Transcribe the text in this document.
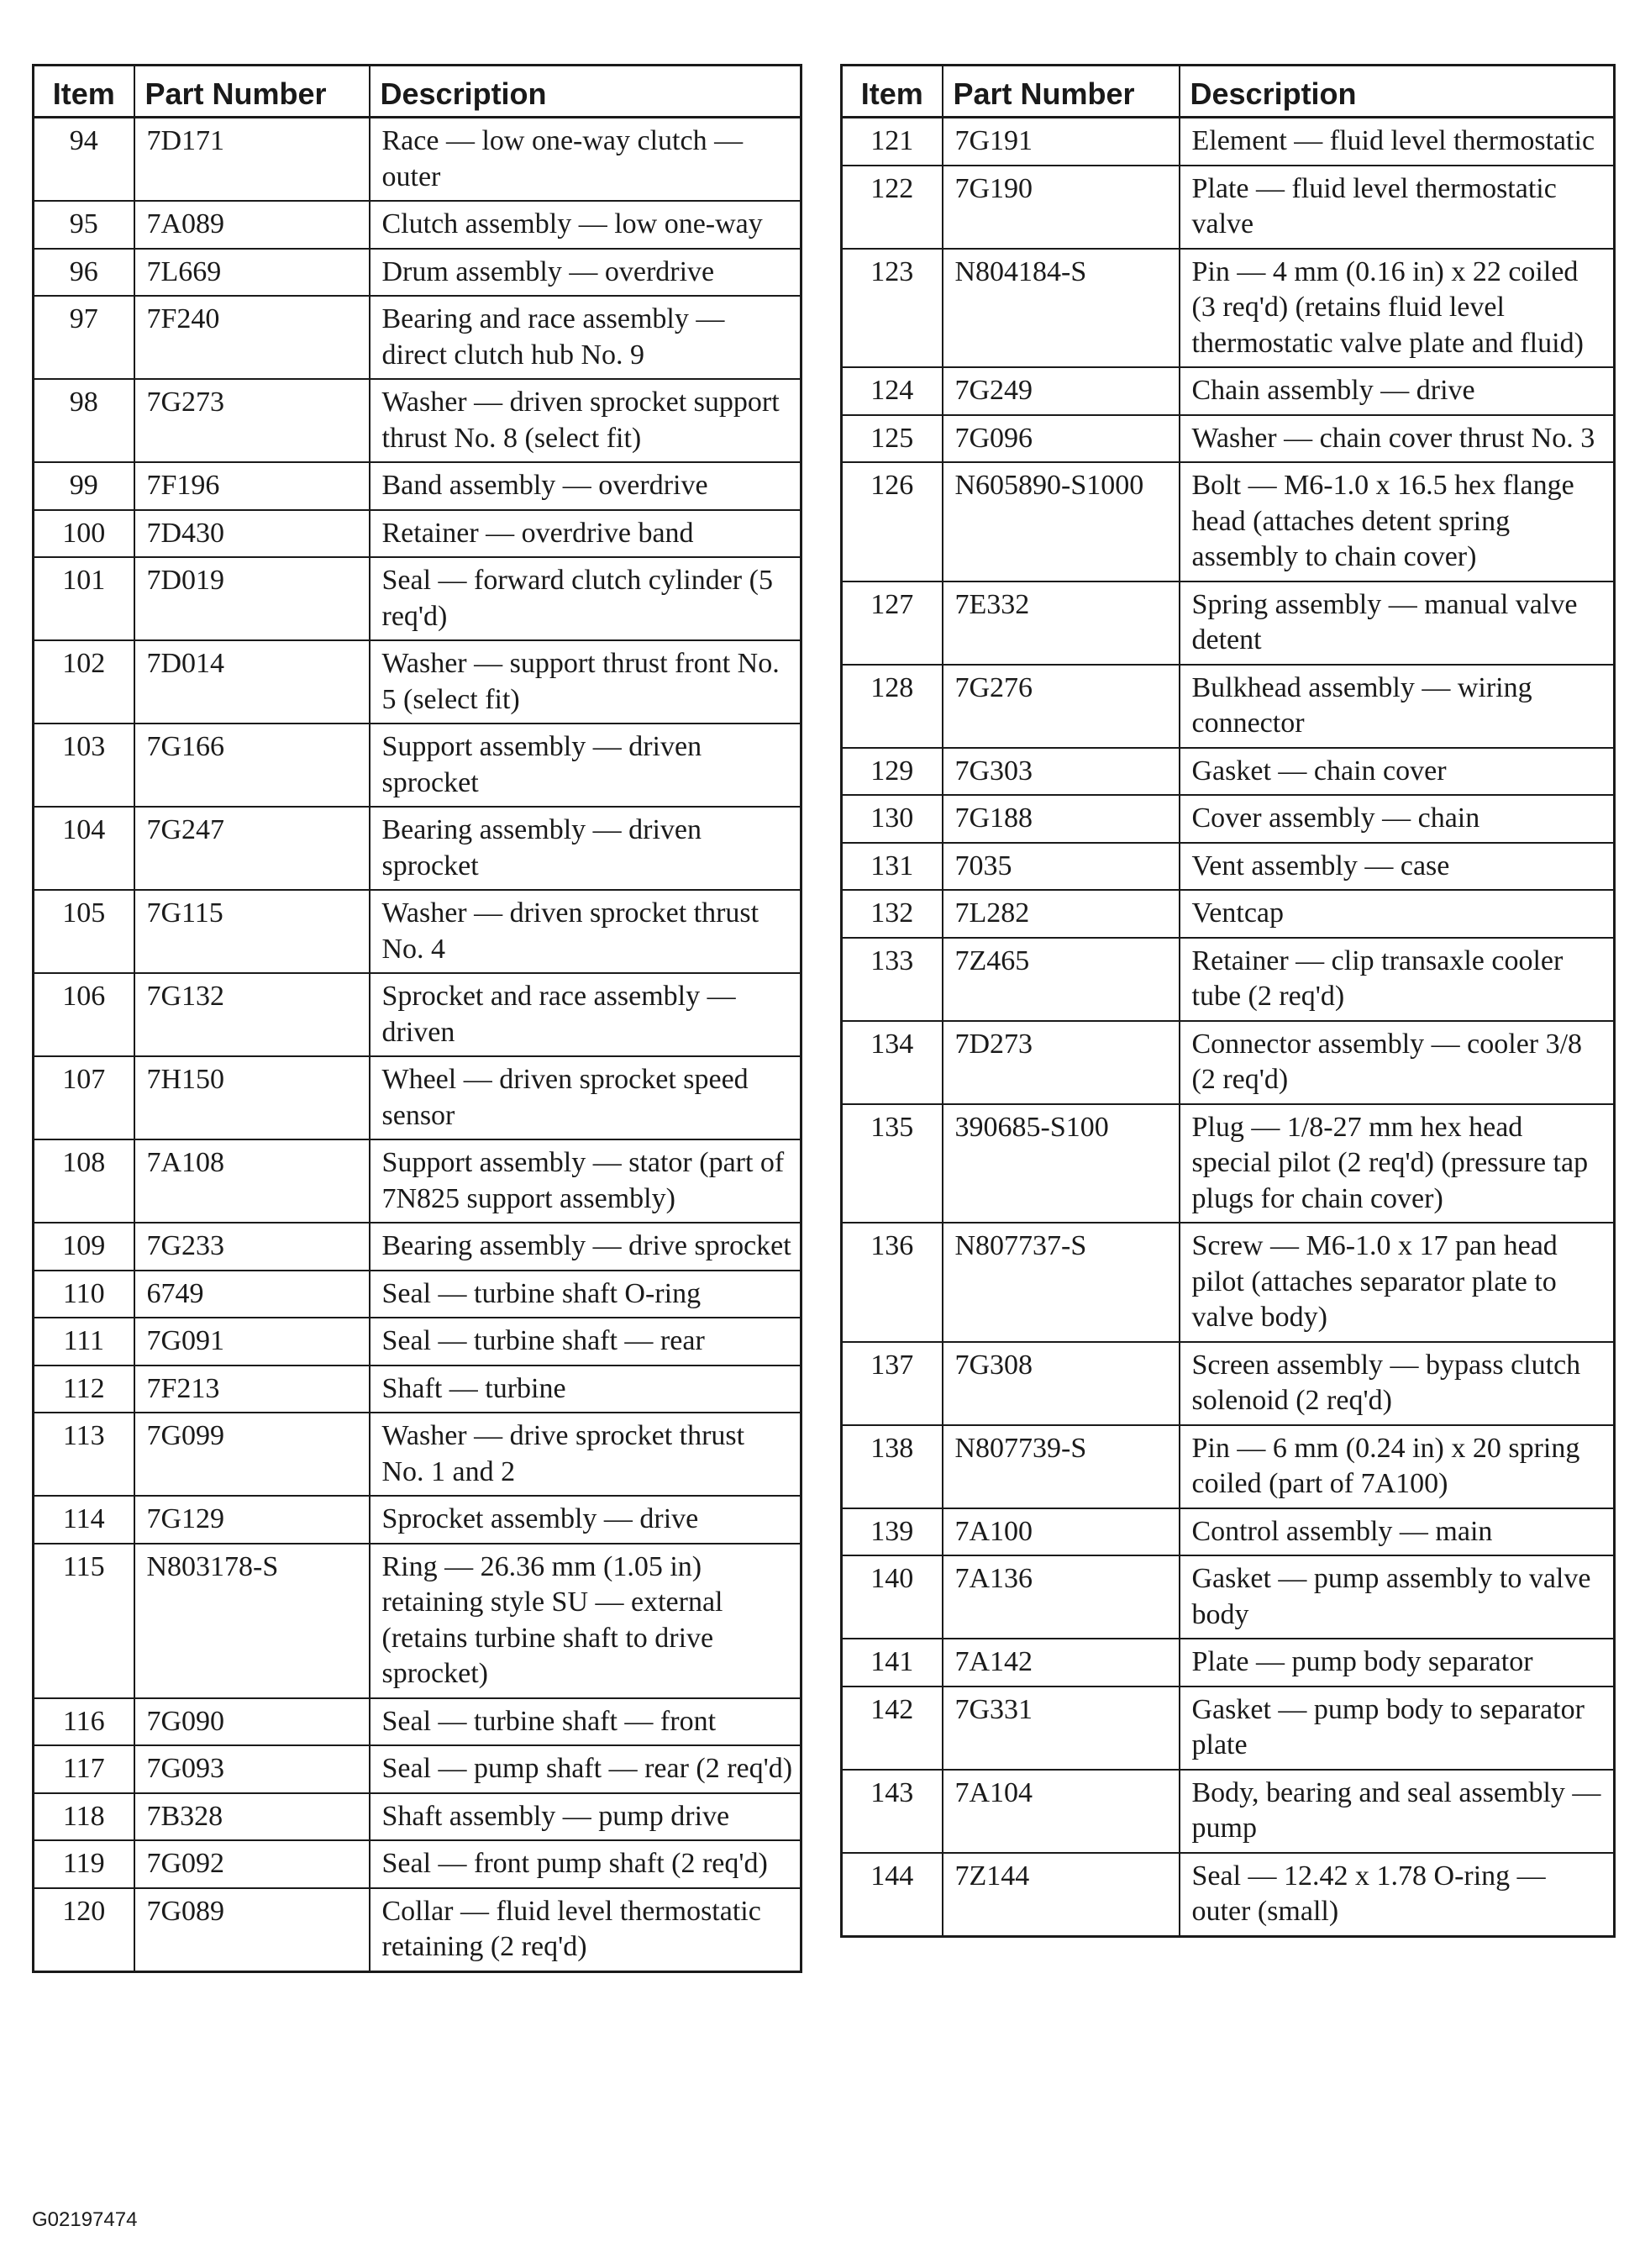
Item	Part Number	Description
94	7D171	Race — low one-way clutch — outer
95	7A089	Clutch assembly — low one-way
96	7L669	Drum assembly — overdrive
97	7F240	Bearing and race assembly — direct clutch hub No. 9
98	7G273	Washer — driven sprocket support thrust No. 8 (select fit)
99	7F196	Band assembly — overdrive
100	7D430	Retainer — overdrive band
101	7D019	Seal — forward clutch cylinder (5 req'd)
102	7D014	Washer — support thrust front No. 5 (select fit)
103	7G166	Support assembly — driven sprocket
104	7G247	Bearing assembly — driven sprocket
105	7G115	Washer — driven sprocket thrust No. 4
106	7G132	Sprocket and race assembly — driven
107	7H150	Wheel — driven sprocket speed sensor
108	7A108	Support assembly — stator (part of 7N825 support assembly)
109	7G233	Bearing assembly — drive sprocket
110	6749	Seal — turbine shaft O-ring
111	7G091	Seal — turbine shaft — rear
112	7F213	Shaft — turbine
113	7G099	Washer — drive sprocket thrust No. 1 and 2
114	7G129	Sprocket assembly — drive
115	N803178-S	Ring — 26.36 mm (1.05 in) retaining style SU — external (retains turbine shaft to drive sprocket)
116	7G090	Seal — turbine shaft — front
117	7G093	Seal — pump shaft — rear (2 req'd)
118	7B328	Shaft assembly — pump drive
119	7G092	Seal — front pump shaft (2 req'd)
120	7G089	Collar — fluid level thermostatic retaining (2 req'd)
Item	Part Number	Description
121	7G191	Element — fluid level thermostatic
122	7G190	Plate — fluid level thermostatic valve
123	N804184-S	Pin — 4 mm (0.16 in) x 22 coiled (3 req'd) (retains fluid level thermostatic valve plate and fluid)
124	7G249	Chain assembly — drive
125	7G096	Washer — chain cover thrust No. 3
126	N605890-S1000	Bolt — M6-1.0 x 16.5 hex flange head (attaches detent spring assembly to chain cover)
127	7E332	Spring assembly — manual valve detent
128	7G276	Bulkhead assembly — wiring connector
129	7G303	Gasket — chain cover
130	7G188	Cover assembly — chain
131	7035	Vent assembly — case
132	7L282	Ventcap
133	7Z465	Retainer — clip transaxle cooler tube (2 req'd)
134	7D273	Connector assembly — cooler 3/8 (2 req'd)
135	390685-S100	Plug — 1/8-27 mm hex head special pilot (2 req'd) (pressure tap plugs for chain cover)
136	N807737-S	Screw — M6-1.0 x 17 pan head pilot (attaches separator plate to valve body)
137	7G308	Screen assembly — bypass clutch solenoid (2 req'd)
138	N807739-S	Pin — 6 mm (0.24 in) x 20 spring coiled (part of 7A100)
139	7A100	Control assembly — main
140	7A136	Gasket — pump assembly to valve body
141	7A142	Plate — pump body separator
142	7G331	Gasket — pump body to separator plate
143	7A104	Body, bearing and seal assembly — pump
144	7Z144	Seal — 12.42 x 1.78 O-ring — outer (small)
G02197474
